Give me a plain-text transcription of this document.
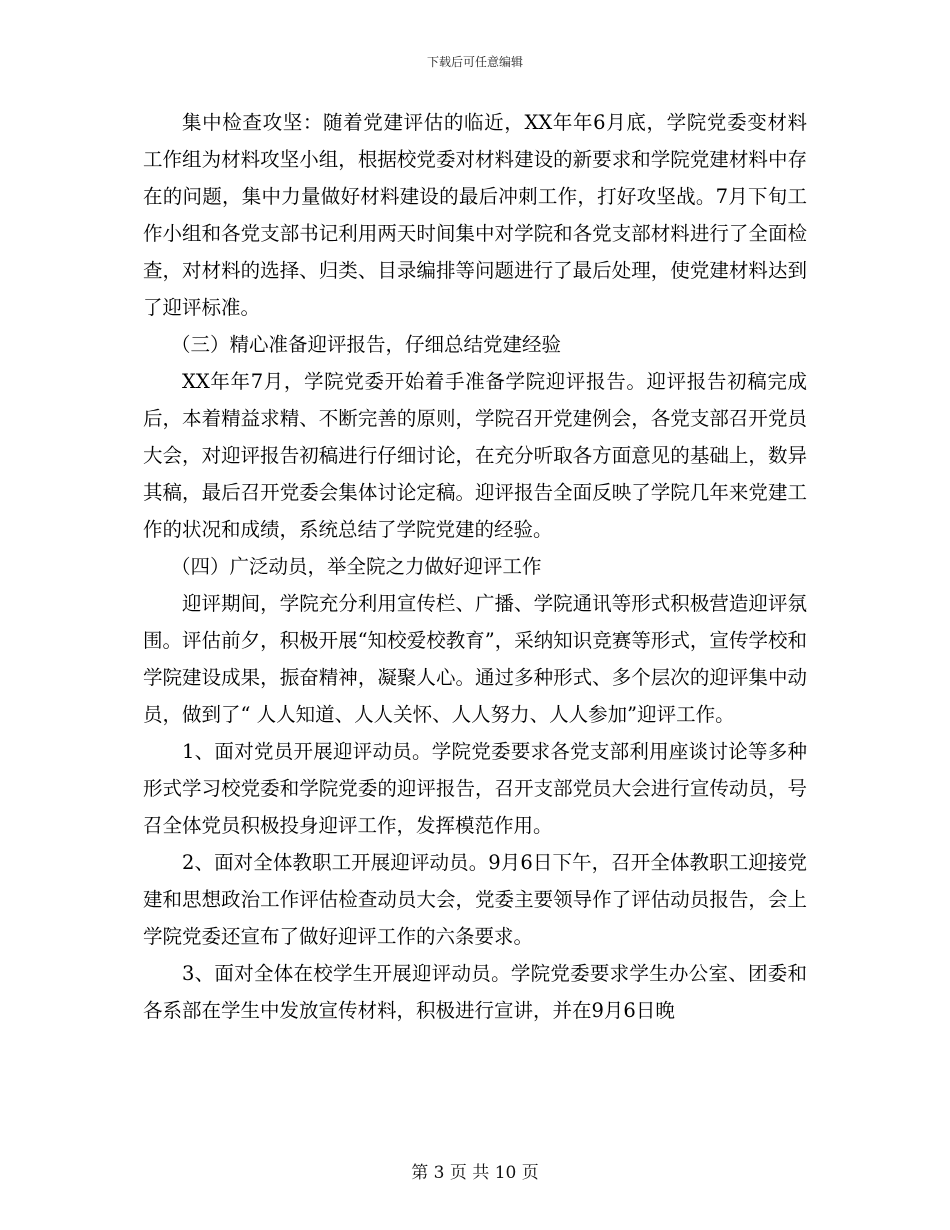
下载后可任意编辑

集中检查攻坚：随着党建评估的临近，XX年年6月底，学院党委变材料工作组为材料攻坚小组，根据校党委对材料建设的新要求和学院党建材料中存在的问题，集中力量做好材料建设的最后冲刺工作，打好攻坚战。7月下旬工作小组和各党支部书记利用两天时间集中对学院和各党支部材料进行了全面检查，对材料的选择、归类、目录编排等问题进行了最后处理，使党建材料达到了迎评标准。

（三）精心准备迎评报告，仔细总结党建经验

XX年年7月，学院党委开始着手准备学院迎评报告。迎评报告初稿完成后，本着精益求精、不断完善的原则，学院召开党建例会，各党支部召开党员大会，对迎评报告初稿进行仔细讨论，在充分听取各方面意见的基础上，数异其稿，最后召开党委会集体讨论定稿。迎评报告全面反映了学院几年来党建工作的状况和成绩，系统总结了学院党建的经验。

（四）广泛动员，举全院之力做好迎评工作

迎评期间，学院充分利用宣传栏、广播、学院通讯等形式积极营造迎评氛围。评估前夕，积极开展“知校爱校教育”，采纳知识竞赛等形式，宣传学校和学院建设成果，振奋精神，凝聚人心。通过多种形式、多个层次的迎评集中动员，做到了“ 人人知道、人人关怀、人人努力、人人参加”迎评工作。

1、面对党员开展迎评动员。学院党委要求各党支部利用座谈讨论等多种形式学习校党委和学院党委的迎评报告，召开支部党员大会进行宣传动员，号召全体党员积极投身迎评工作，发挥模范作用。

2、面对全体教职工开展迎评动员。9月6日下午，召开全体教职工迎接党建和思想政治工作评估检查动员大会，党委主要领导作了评估动员报告，会上学院党委还宣布了做好迎评工作的六条要求。

3、面对全体在校学生开展迎评动员。学院党委要求学生办公室、团委和各系部在学生中发放宣传材料，积极进行宣讲，并在9月6日晚

第 3 页 共 10 页
